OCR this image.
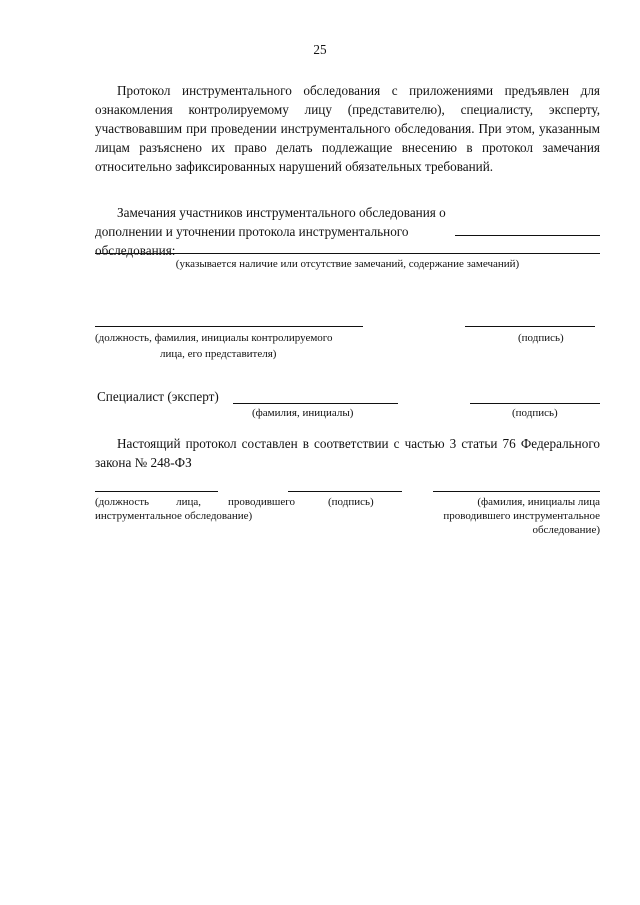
25
Протокол инструментального обследования с приложениями предъявлен для ознакомления контролируемому лицу (представителю), специалисту, эксперту, участвовавшим при проведении инструментального обследования. При этом, указанным лицам разъяснено их право делать подлежащие внесению в протокол замечания относительно зафиксированных нарушений обязательных требований.
Замечания участников инструментального обследования о дополнении и уточнении протокола инструментального обследования:
(указывается наличие или отсутствие замечаний, содержание замечаний)
(должность, фамилия, инициалы контролируемого
лица, его представителя)
(подпись)
Специалист (эксперт)
(фамилия, инициалы)	(подпись)
Настоящий протокол составлен в соответствии с частью 3 статьи 76 Федерального закона № 248-ФЗ
(должность лица, проводившего инструментальное обследование)
(подпись)	(фамилия, инициалы лица проводившего инструментальное обследование)
